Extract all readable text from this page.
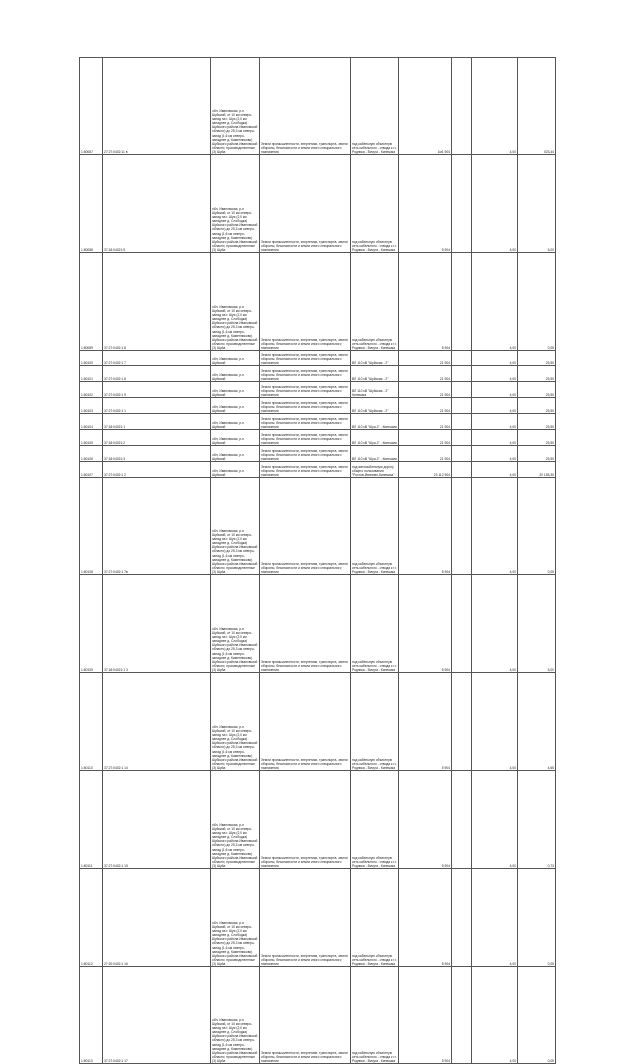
1:80087	27:27:0402:11 в	обл. Ивановская, р-н Шуйский, от 10 км северо-запад на г. Шуя (2,0 км западнее д. Слободка) Шуйского района Ивановской области) до 25,3 км северо-запад (1,6 км северо-западнее д. Каменниково) Шуйского района Ивановской области; производственные (3) Шуйа	Земли промышленности, энергетики, транспорта, земли обороны, безопасности и земли иного специального назначения	под кабельную объектную сеть кабельного - отвода к г.г. Родники - Вичуга - Кинешма	1м1 904		4,00	023,44
1:80088	37:18:04021:5	обл. Ивановская, р-н Шуйский, от 10 км северо-запад на г. Шуя (2,0 км западнее д. Слободка) Шуйского района Ивановской области) до 25,3 км северо-запад (1,6 км северо-западнее д. Каменниково) Шуйского района Ивановской области; производственные (3) Шуйа	Земли промышленности, энергетики, транспорта, земли обороны, безопасности и земли иного специального назначения	под кабельную объектную сеть кабельного - отвода к г.г. Родники - Вичуга - Кинешма	5 904		4,00	5,00
1:80089	37:27:0402:1 8	обл. Ивановская, р-н Шуйский, от 10 км северо-запад на г. Шуя (2,0 км западнее д. Слободка) Шуйского района Ивановской области) до 25,3 км северо-запад (1,6 км северо-западнее д. Каменниково) Шуйского района Ивановской области; производственные (3) Шуйа	Земли промышленности, энергетики, транспорта, земли обороны, безопасности и земли иного специального назначения	под кабельную объектную сеть кабельного - отвода к г.г. Родники - Вичуга - Кинешма	5 904		4,00	0,05
1:80100	37:27:0402:1 7	обл. Ивановская, р-н Шуйский	Земли промышленности, энергетики, транспорта, земли обороны, безопасности и земли иного специального назначения	ВЛ 110 кВ "Шуйская - 2"	21 904		4,00	25,50
1:80101	37:27:0402:1 8	обл. Ивановская, р-н Шуйский	Земли промышленности, энергетики, транспорта, земли обороны, безопасности и земли иного специального назначения	ВЛ 110 кВ "Шуйская - 2"	21 904		4,00	25,50
1:80102	37:27:0402:1 9	обл. Ивановская, р-н Шуйский	Земли промышленности, энергетики, транспорта, земли обороны, безопасности и земли иного специального назначения	ВЛ 110 кВ "Шуйская - 2" Кинешма	21 904		4,00	25,50
1:80103	37:27:0402:1 1	обл. Ивановская, р-н Шуйский	Земли промышленности, энергетики, транспорта, земли обороны, безопасности и земли иного специального назначения	ВЛ 110 кВ "Шуйская - 2"	21 904		4,00	25,50
1:80104	37:18:04021:1	обл. Ивановская, р-н Шуйский	Земли промышленности, энергетики, транспорта, земли обороны, безопасности и земли иного специального назначения	ВЛ 110 кВ "Шуя-2" - Кинешма	21 904		4,00	25,50
1:80105	37:18:04021:2	обл. Ивановская, р-н Шуйский	Земли промышленности, энергетики, транспорта, земли обороны, безопасности и земли иного специального назначения	ВЛ 110 кВ "Шуя-2" - Кинешма	21 904		4,00	25,50
1:80106	37:18:04021:3	обл. Ивановская, р-н Шуйский	Земли промышленности, энергетики, транспорта, земли обороны, безопасности и земли иного специального назначения	ВЛ 110 кВ "Шуя-2" - Кинешма	21 904		4,00	25,50
1:80107	37:27:0402:1 2	обл. Ивановская, р-н Шуйский	Земли промышленности, энергетики, транспорта, земли обороны, безопасности и земли иного специального назначения	под автомобильную дорогу общего пользования "Ростов-Иваново-Кинешма"	23 112 904		4,00	20 155,30
1:80108	37:27:0402:1 7в	обл. Ивановская, р-н Шуйский, от 10 км северо-запад на г. Шуя (2,0 км западнее д. Слободка) Шуйского района Ивановской области) до 25,3 км северо-запад (1,6 км северо-западнее д. Каменниково) Шуйского района Ивановской области; производственные (3) Шуйа	Земли промышленности, энергетики, транспорта, земли обороны, безопасности и земли иного специального назначения	под кабельную объектную сеть кабельного - отвода к г.г. Родники - Вичуга - Кинешма	5 904		4,00	0,05
1:80109	37:18:04021:1 3	обл. Ивановская, р-н Шуйский, от 10 км северо-запад на г. Шуя (2,0 км западнее д. Слободка) Шуйского района Ивановской области) до 25,3 км северо-запад (1,6 км северо-западнее д. Каменниково) Шуйского района Ивановской области; производственные (3) Шуйа	Земли промышленности, энергетики, транспорта, земли обороны, безопасности и земли иного специального назначения	под кабельную объектную сеть кабельного - отвода к г.г. Родники - Вичуга - Кинешма	5 904		4,00	5,00
1:80110	37:27:0402:1 14	обл. Ивановская, р-н Шуйский, от 10 км северо-запад на г. Шуя (2,0 км западнее д. Слободка) Шуйского района Ивановской области) до 25,3 км северо-запад (1,6 км северо-западнее д. Каменниково) Шуйского района Ивановской области; производственные (3) Шуйа	Земли промышленности, энергетики, транспорта, земли обороны, безопасности и земли иного специального назначения	под кабельную объектную сеть кабельного - отвода к г.г. Родники - Вичуга - Кинешма	5 904		4,00	4,65
1:80111	37:27:0402:1 15	обл. Ивановская, р-н Шуйский, от 10 км северо-запад на г. Шуя (2,0 км западнее д. Слободка) Шуйского района Ивановской области) до 25,3 км северо-запад (1,6 км северо-западнее д. Каменниково) Шуйского района Ивановской области; производственные (3) Шуйа	Земли промышленности, энергетики, транспорта, земли обороны, безопасности и земли иного специального назначения	под кабельную объектную сеть кабельного - отвода к г.г. Родники - Вичуга - Кинешма	5 904		4,00	0,73
1:80112	27:20:0402:1 16	обл. Ивановская, р-н Шуйский, от 10 км северо-запад на г. Шуя (2,0 км западнее д. Слободка) Шуйского района Ивановской области) до 25,3 км северо-запад (1,6 км северо-западнее д. Каменниково) Шуйского района Ивановской области; производственные (3) Шуйа	Земли промышленности, энергетики, транспорта, земли обороны, безопасности и земли иного специального назначения	под кабельную объектную сеть кабельного - отвода к г.г. Родники - Вичуга - Кинешма	5 904		4,00	0,05
1:80113	37:27:0402:1 17	обл. Ивановская, р-н Шуйский, от 10 км северо-запад на г. Шуя (2,0 км западнее д. Слободка) Шуйского района Ивановской области) до 25,3 км северо-запад (1,6 км северо-западнее д. Каменниково) Шуйского района Ивановской области; производственные (3) Шуйа	Земли промышленности, энергетики, транспорта, земли обороны, безопасности и земли иного специального назначения	под кабельную объектную сеть кабельного - отвода к г.г. Родники - Вичуга - Кинешма	5 904		4,00	0,05
